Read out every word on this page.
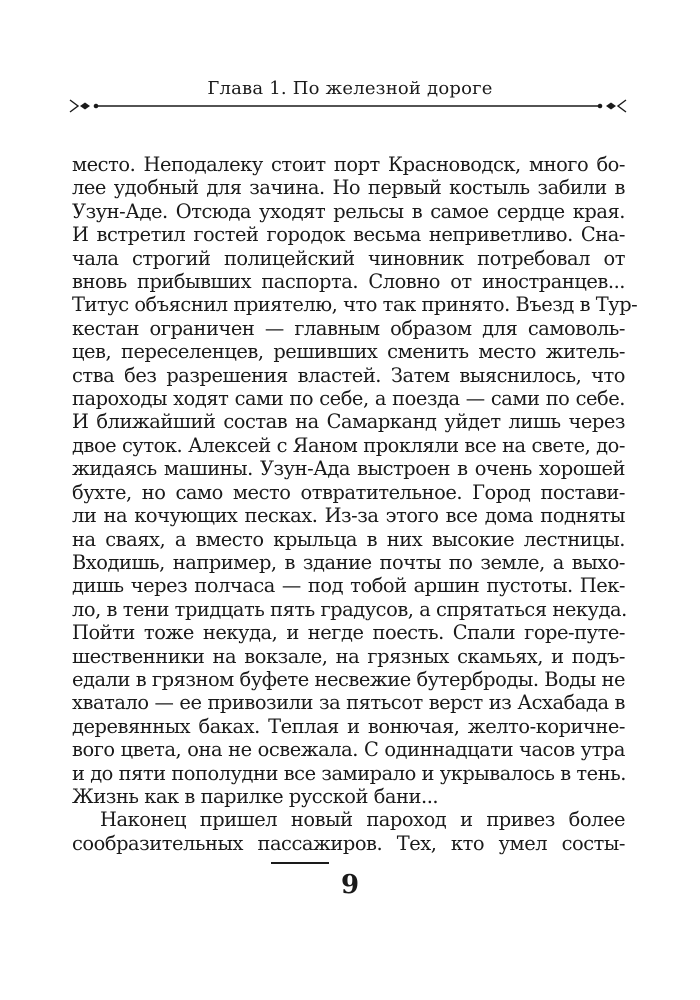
Глава 1. По железной дороге
место. Неподалеку стоит порт Красноводск, много бо-
лее удобный для зачина. Но первый костыль забили в
Узун-Аде. Отсюда уходят рельсы в самое сердце края.
И встретил гостей городок весьма неприветливо. Сна-
чала строгий полицейский чиновник потребовал от
вновь прибывших паспорта. Словно от иностранцев...
Титус объяснил приятелю, что так принято. Въезд в Тур-
кестан ограничен — главным образом для самоволь-
цев, переселенцев, решивших сменить место житель-
ства без разрешения властей. Затем выяснилось, что
пароходы ходят сами по себе, а поезда — сами по себе.
И ближайший состав на Самарканд уйдет лишь через
двое суток. Алексей с Яаном прокляли все на свете, до-
жидаясь машины. Узун-Ада выстроен в очень хорошей
бухте, но само место отвратительное. Город постави-
ли на кочующих песках. Из-за этого все дома подняты
на сваях, а вместо крыльца в них высокие лестницы.
Входишь, например, в здание почты по земле, а выхо-
дишь через полчаса — под тобой аршин пустоты. Пек-
ло, в тени тридцать пять градусов, а спрятаться некуда.
Пойти тоже некуда, и негде поесть. Спали горе-путе-
шественники на вокзале, на грязных скамьях, и подъ-
едали в грязном буфете несвежие бутерброды. Воды не
хватало — ее привозили за пятьсот верст из Асхабада в
деревянных баках. Теплая и вонючая, желто-коричне-
вого цвета, она не освежала. С одиннадцати часов утра
и до пяти пополудни все замирало и укрывалось в тень.
Жизнь как в парилке русской бани...
Наконец пришел новый пароход и привез более
сообразительных пассажиров. Тех, кто умел состы-
9
